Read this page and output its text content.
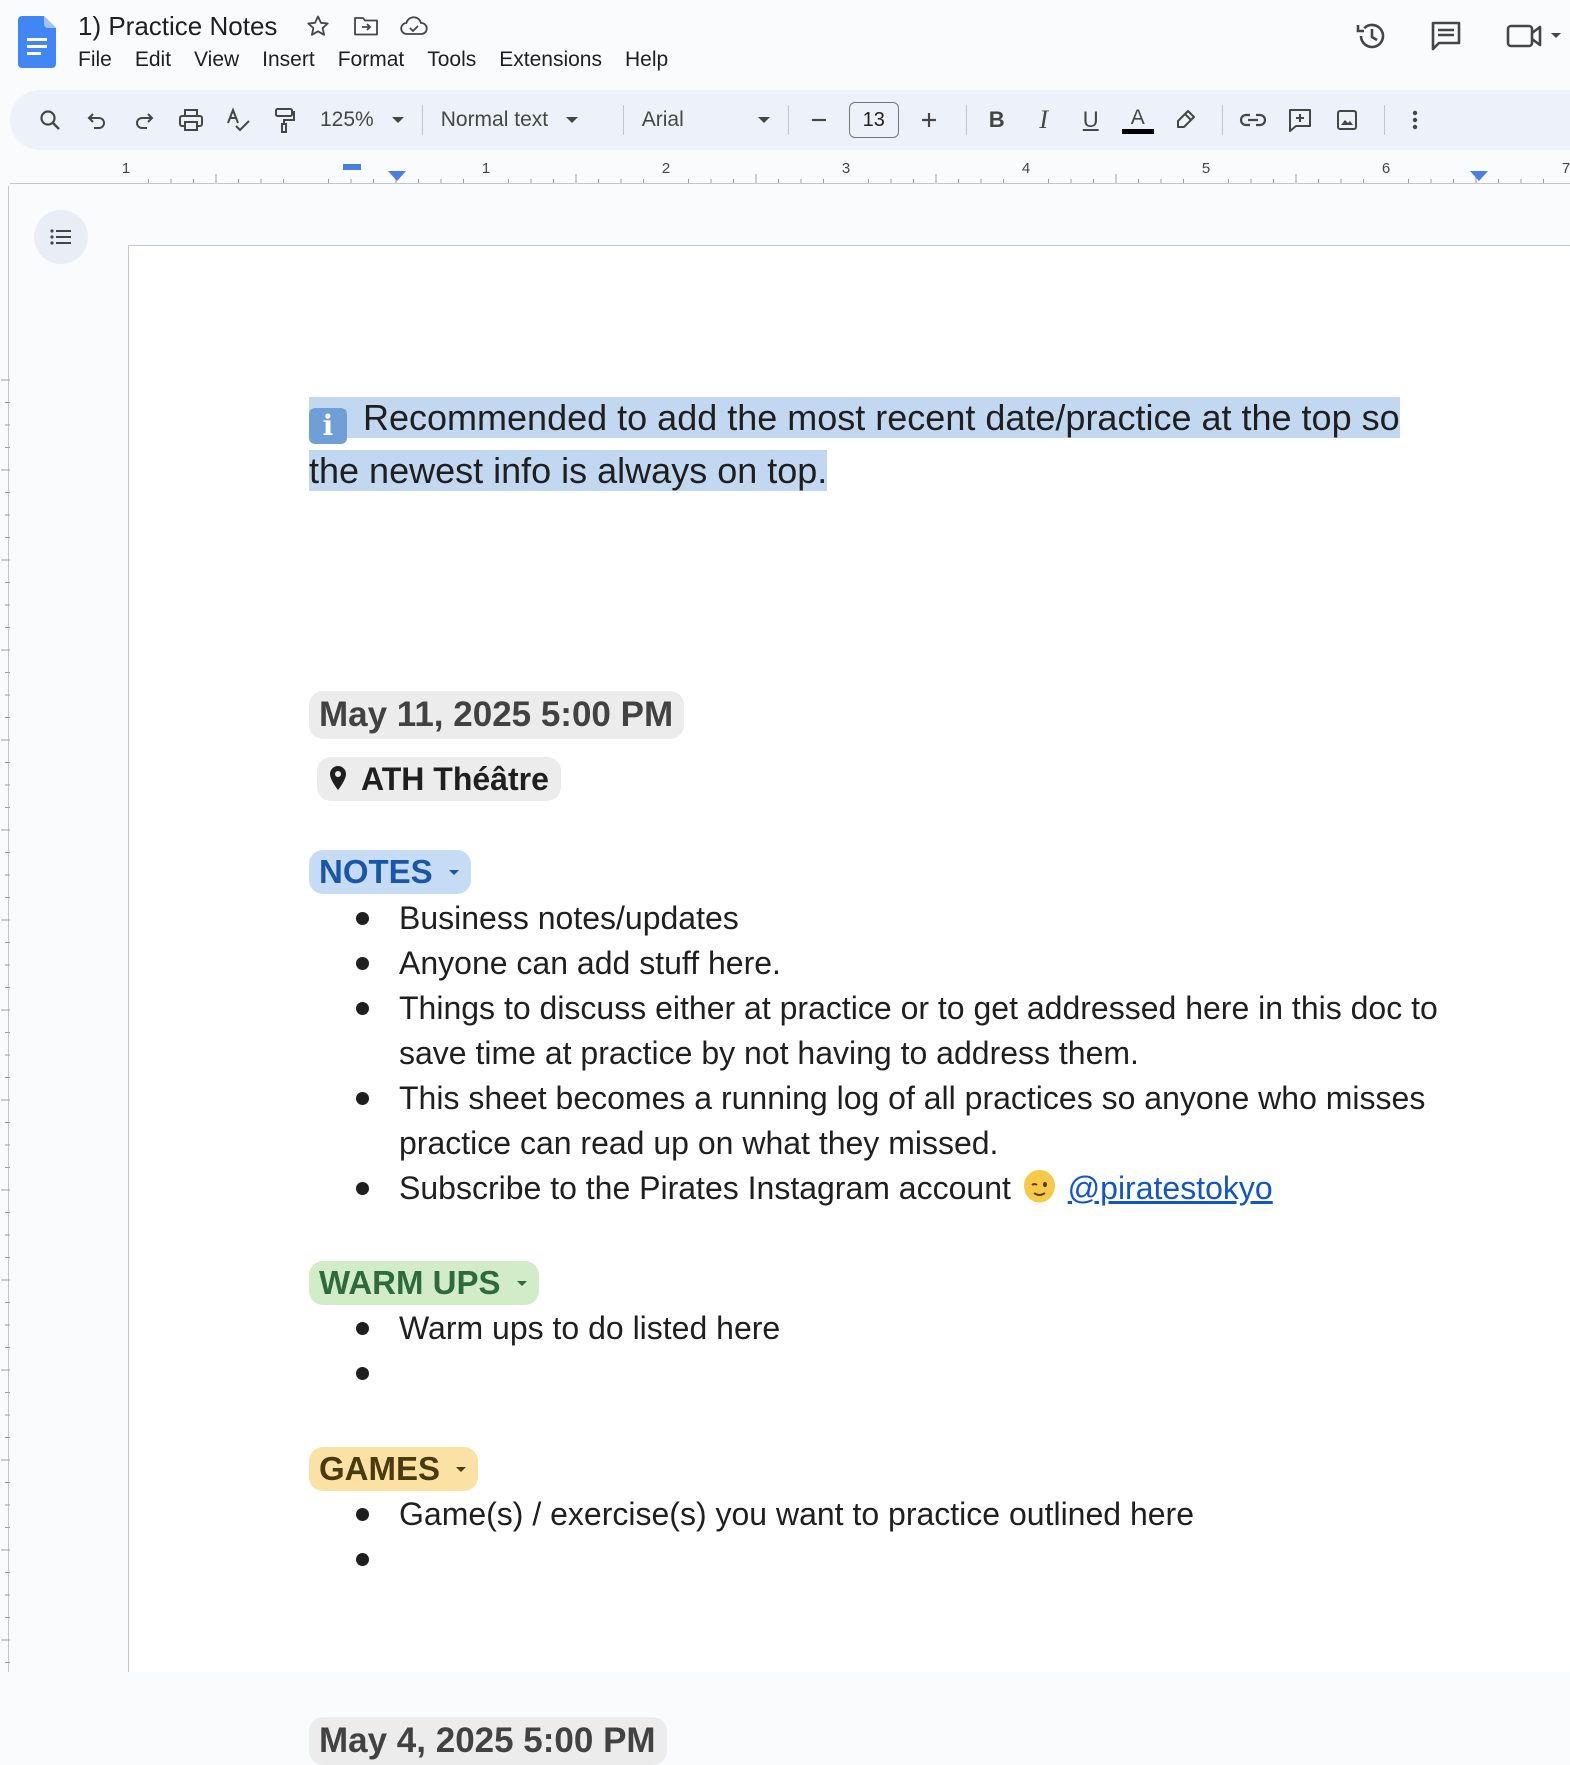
1) Practice Notes
File Edit View Insert Format Tools Extensions Help
125%	Normal text	Arial	13	B	I	U	A
1	1	2	3	4	5	6	7

i Recommended to add the most recent date/practice at the top so the newest info is always on top.

May 11, 2025 5:00 PM
ATH Théâtre
NOTES
Business notes/updates
Anyone can add stuff here.
Things to discuss either at practice or to get addressed here in this doc to save time at practice by not having to address them.
This sheet becomes a running log of all practices so anyone who misses practice can read up on what they missed.
Subscribe to the Pirates Instagram account @piratestokyo
WARM UPS
Warm ups to do listed here
GAMES
Game(s) / exercise(s) you want to practice outlined here
May 4, 2025 5:00 PM
